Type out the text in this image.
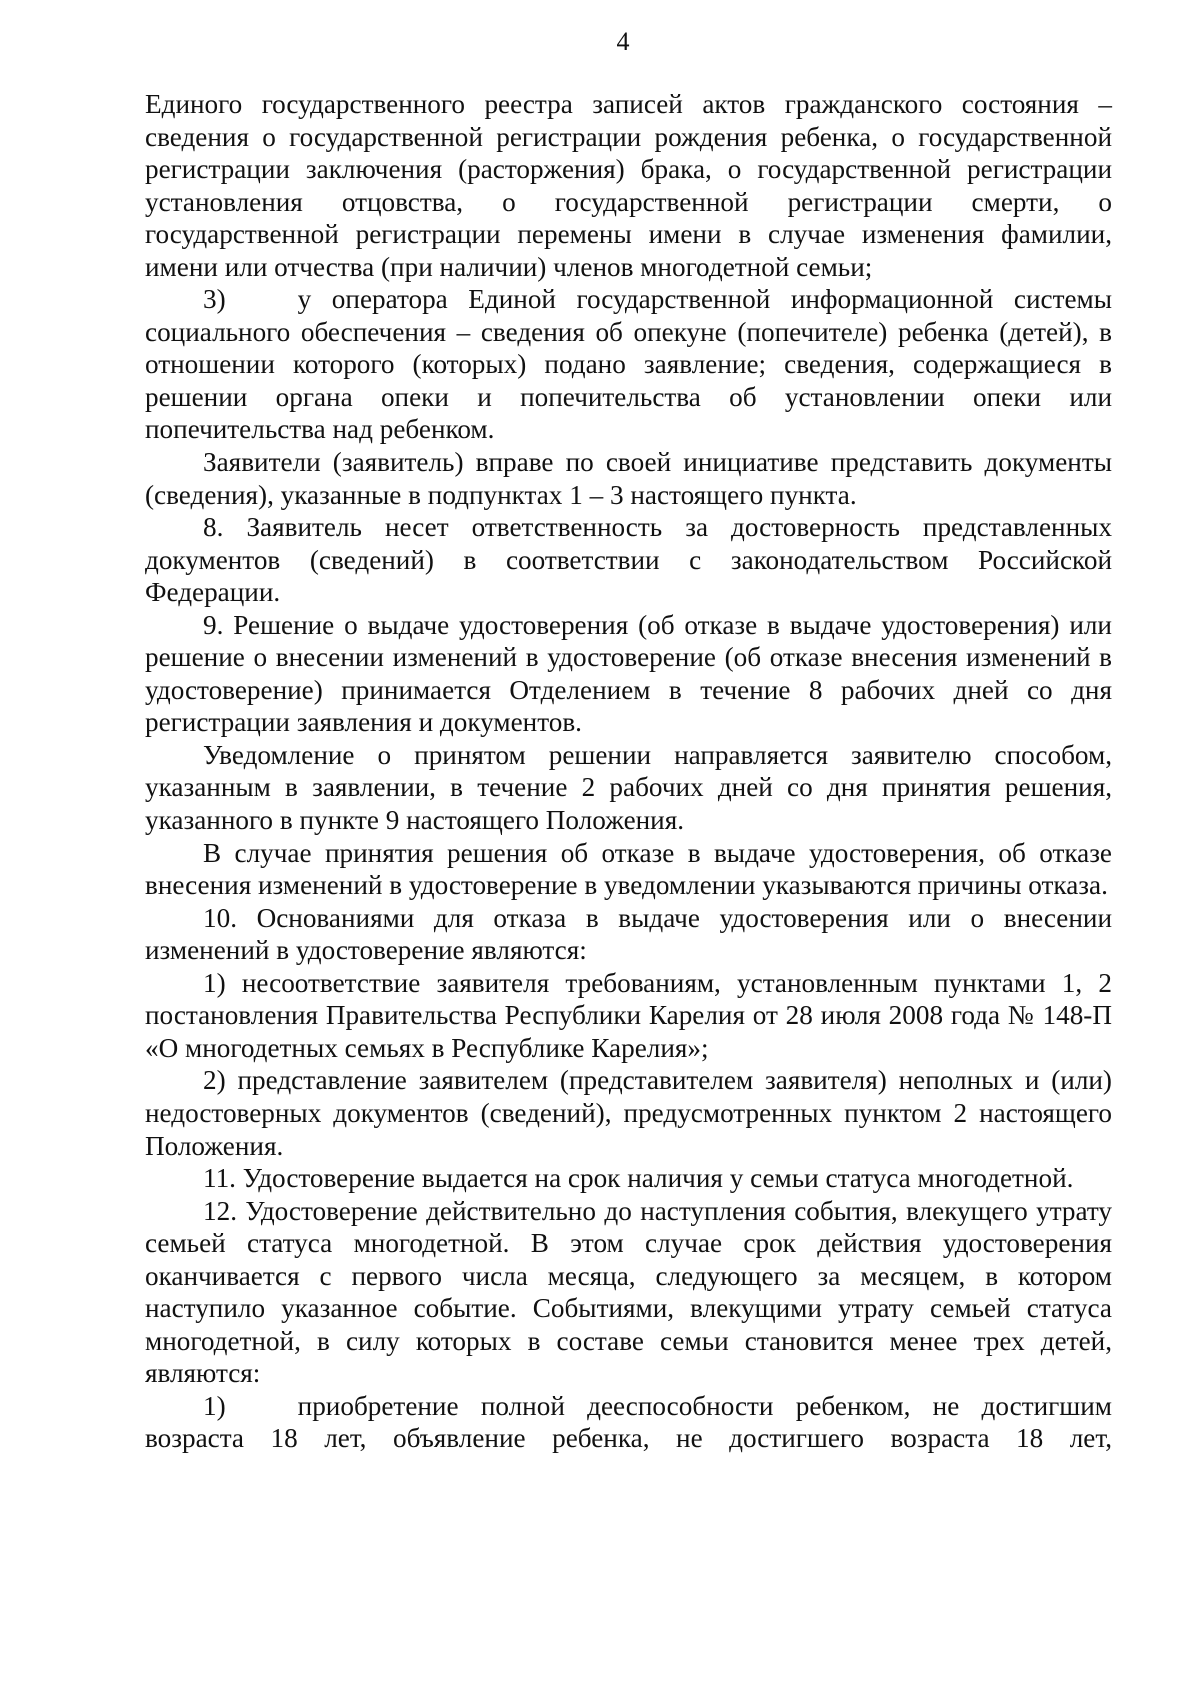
4

Единого государственного реестра записей актов гражданского состояния – сведения о государственной регистрации рождения ребенка, о государственной регистрации заключения (расторжения) брака, о государственной регистрации установления отцовства, о государственной регистрации смерти, о государственной регистрации перемены имени в случае изменения фамилии, имени или отчества (при наличии) членов многодетной семьи;

3)	у оператора Единой государственной информационной системы социального обеспечения – сведения об опекуне (попечителе) ребенка (детей), в отношении которого (которых) подано заявление; сведения, содержащиеся в решении органа опеки и попечительства об установлении опеки или попечительства над ребенком.

Заявители (заявитель) вправе по своей инициативе представить документы (сведения), указанные в подпунктах 1 – 3 настоящего пункта.

8. Заявитель несет ответственность за достоверность представленных документов (сведений) в соответствии с законодательством Российской Федерации.

9. Решение о выдаче удостоверения (об отказе в выдаче удостоверения) или решение о внесении изменений в удостоверение (об отказе внесения изменений в удостоверение) принимается Отделением в течение 8 рабочих дней со дня регистрации заявления и документов.

Уведомление о принятом решении направляется заявителю способом, указанным в заявлении, в течение 2 рабочих дней со дня принятия решения, указанного в пункте 9 настоящего Положения.

В случае принятия решения об отказе в выдаче удостоверения, об отказе внесения изменений в удостоверение в уведомлении указываются причины отказа.

10. Основаниями для отказа в выдаче удостоверения или о внесении изменений в удостоверение являются:

1) несоответствие заявителя требованиям, установленным пунктами 1, 2 постановления Правительства Республики Карелия от 28 июля 2008 года № 148-П «О многодетных семьях в Республике Карелия»;

2) представление заявителем (представителем заявителя) неполных и (или) недостоверных документов (сведений), предусмотренных пунктом 2 настоящего Положения.

11. Удостоверение выдается на срок наличия у семьи статуса многодетной.

12. Удостоверение действительно до наступления события, влекущего утрату семьей статуса многодетной. В этом случае срок действия удостоверения оканчивается с первого числа месяца, следующего за месяцем, в котором наступило указанное событие. Событиями, влекущими утрату семьей статуса многодетной, в силу которых в составе семьи становится менее трех детей, являются:

1)	приобретение полной дееспособности ребенком, не достигшим возраста 18 лет, объявление ребенка, не достигшего возраста 18 лет,
